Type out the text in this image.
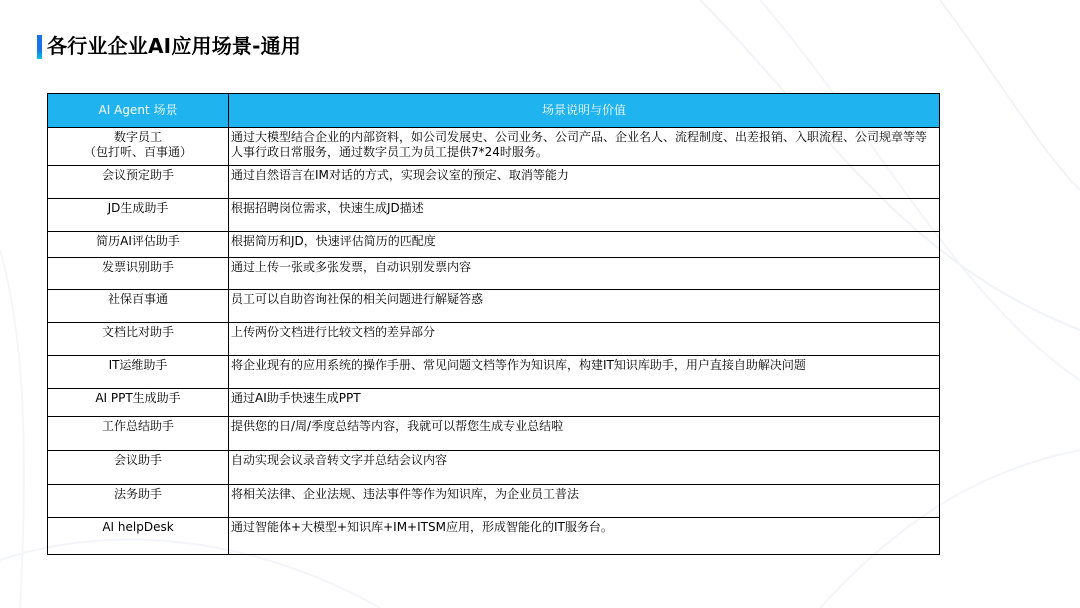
各行业企业AI应用场景-通用
AI Agent 场景	场景说明与价值

数字员工
（包打听、百事通）	通过大模型结合企业的内部资料，如公司发展史、公司业务、公司产品、企业名人、流程制度、出差报销、入职流程、公司规章等等人事行政日常服务，通过数字员工为员工提供7*24时服务。
会议预定助手	通过自然语言在IM对话的方式，实现会议室的预定、取消等能力
JD生成助手	根据招聘岗位需求，快速生成JD描述
简历AI评估助手	根据简历和JD，快速评估简历的匹配度
发票识别助手	通过上传一张或多张发票，自动识别发票内容
社保百事通	员工可以自助咨询社保的相关问题进行解疑答惑
文档比对助手	上传两份文档进行比较文档的差异部分
IT运维助手	将企业现有的应用系统的操作手册、常见问题文档等作为知识库，构建IT知识库助手，用户直接自助解决问题
AI PPT生成助手	通过AI助手快速生成PPT
工作总结助手	提供您的日/周/季度总结等内容，我就可以帮您生成专业总结啦
会议助手	自动实现会议录音转文字并总结会议内容
法务助手	将相关法律、企业法规、违法事件等作为知识库，为企业员工普法
AI helpDesk	通过智能体+大模型+知识库+IM+ITSM应用，形成智能化的IT服务台。
